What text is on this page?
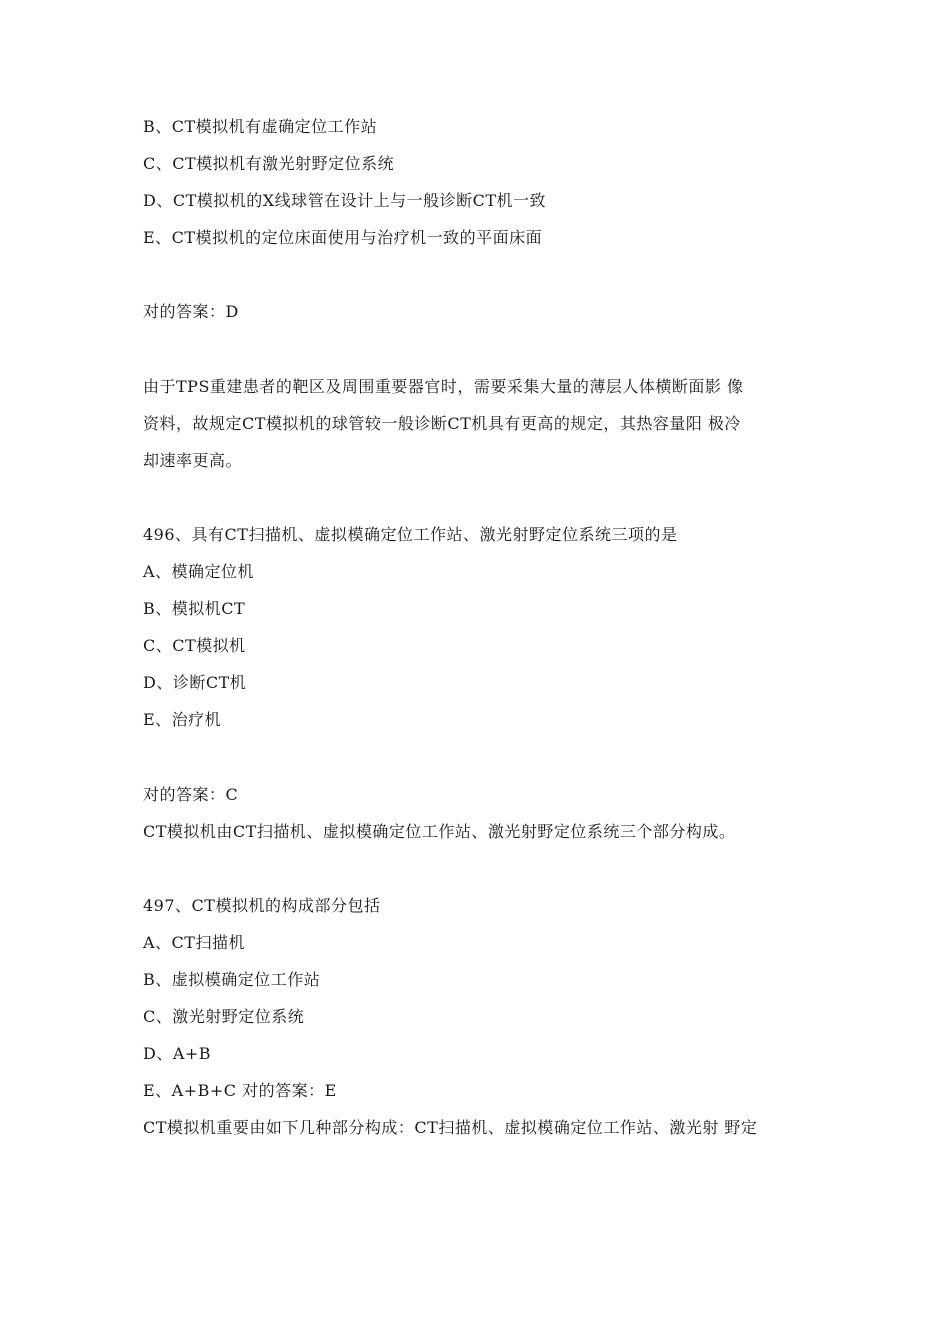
B、CT模拟机有虚确定位工作站
C、CT模拟机有激光射野定位系统
D、CT模拟机的X线球管在设计上与一般诊断CT机一致
E、CT模拟机的定位床面使用与治疗机一致的平面床面
对的答案：D
由于TPS重建患者的靶区及周围重要器官时，需要采集大量的薄层人体横断面影 像
资料，故规定CT模拟机的球管较一般诊断CT机具有更高的规定，其热容量阳 极冷
却速率更高。
496、具有CT扫描机、虚拟模确定位工作站、激光射野定位系统三项的是
A、模确定位机
B、模拟机CT
C、CT模拟机
D、诊断CT机
E、治疗机
对的答案：C
CT模拟机由CT扫描机、虚拟模确定位工作站、激光射野定位系统三个部分构成。
497、CT模拟机的构成部分包括
A、CT扫描机
B、虚拟模确定位工作站
C、激光射野定位系统
D、A+B
E、A+B+C 对的答案：E
CT模拟机重要由如下几种部分构成：CT扫描机、虚拟模确定位工作站、激光射 野定
